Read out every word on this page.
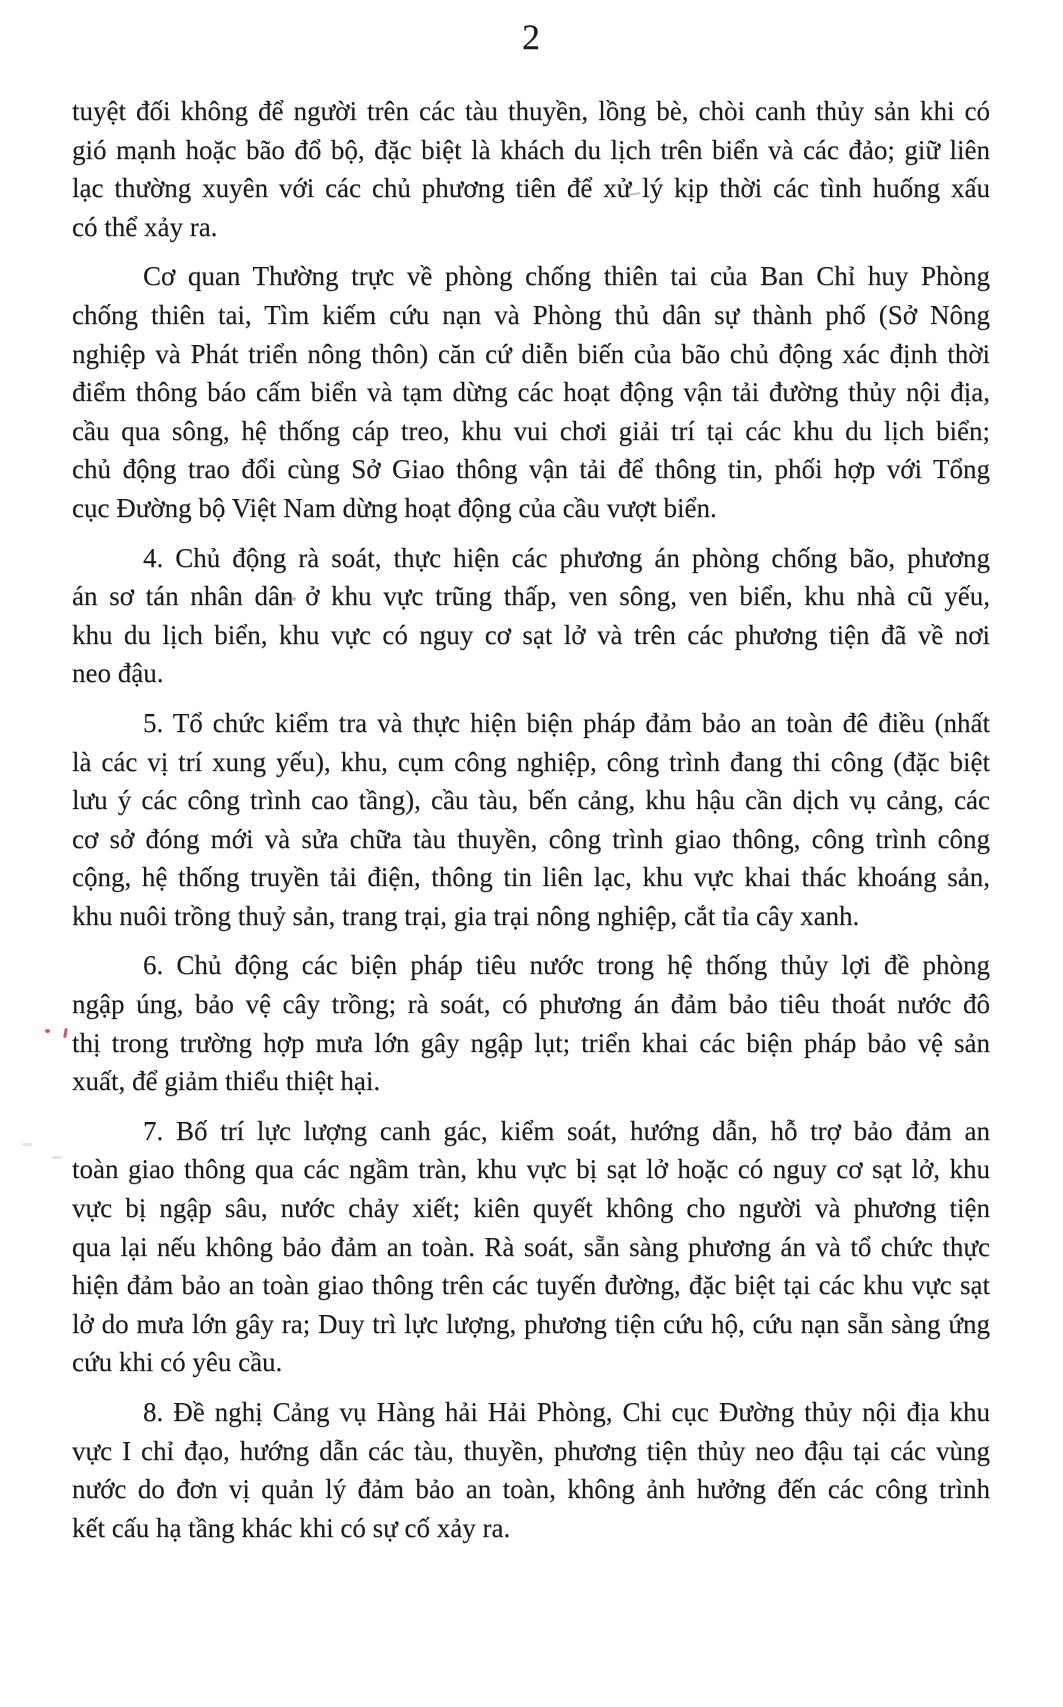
2
tuyệt đối không để người trên các tàu thuyền, lồng bè, chòi canh thủy sản khi có
gió mạnh hoặc bão đổ bộ, đặc biệt là khách du lịch trên biển và các đảo; giữ liên
lạc thường xuyên với các chủ phương tiên để xử lý kịp thời các tình huống xấu
có thể xảy ra.
Cơ quan Thường trực về phòng chống thiên tai của Ban Chỉ huy Phòng
chống thiên tai, Tìm kiếm cứu nạn và Phòng thủ dân sự thành phố (Sở Nông
nghiệp và Phát triển nông thôn) căn cứ diễn biến của bão chủ động xác định thời
điểm thông báo cấm biển và tạm dừng các hoạt động vận tải đường thủy nội địa,
cầu qua sông, hệ thống cáp treo, khu vui chơi giải trí tại các khu du lịch biển;
chủ động trao đổi cùng Sở Giao thông vận tải để thông tin, phối hợp với Tổng
cục Đường bộ Việt Nam dừng hoạt động của cầu vượt biển.
4. Chủ động rà soát, thực hiện các phương án phòng chống bão, phương
án sơ tán nhân dân ở khu vực trũng thấp, ven sông, ven biển, khu nhà cũ yếu,
khu du lịch biển, khu vực có nguy cơ sạt lở và trên các phương tiện đã về nơi
neo đậu.
5. Tổ chức kiểm tra và thực hiện biện pháp đảm bảo an toàn đê điều (nhất
là các vị trí xung yếu), khu, cụm công nghiệp, công trình đang thi công (đặc biệt
lưu ý các công trình cao tầng), cầu tàu, bến cảng, khu hậu cần dịch vụ cảng, các
cơ sở đóng mới và sửa chữa tàu thuyền, công trình giao thông, công trình công
cộng, hệ thống truyền tải điện, thông tin liên lạc, khu vực khai thác khoáng sản,
khu nuôi trồng thuỷ sản, trang trại, gia trại nông nghiệp, cắt tỉa cây xanh.
6. Chủ động các biện pháp tiêu nước trong hệ thống thủy lợi đề phòng
ngập úng, bảo vệ cây trồng; rà soát, có phương án đảm bảo tiêu thoát nước đô
thị trong trường hợp mưa lớn gây ngập lụt; triển khai các biện pháp bảo vệ sản
xuất, để giảm thiểu thiệt hại.
7. Bố trí lực lượng canh gác, kiểm soát, hướng dẫn, hỗ trợ bảo đảm an
toàn giao thông qua các ngầm tràn, khu vực bị sạt lở hoặc có nguy cơ sạt lở, khu
vực bị ngập sâu, nước chảy xiết; kiên quyết không cho người và phương tiện
qua lại nếu không bảo đảm an toàn. Rà soát, sẵn sàng phương án và tổ chức thực
hiện đảm bảo an toàn giao thông trên các tuyến đường, đặc biệt tại các khu vực sạt
lở do mưa lớn gây ra; Duy trì lực lượng, phương tiện cứu hộ, cứu nạn sẵn sàng ứng
cứu khi có yêu cầu.
8. Đề nghị Cảng vụ Hàng hải Hải Phòng, Chi cục Đường thủy nội địa khu
vực I chỉ đạo, hướng dẫn các tàu, thuyền, phương tiện thủy neo đậu tại các vùng
nước do đơn vị quản lý đảm bảo an toàn, không ảnh hưởng đến các công trình
kết cấu hạ tầng khác khi có sự cố xảy ra.
